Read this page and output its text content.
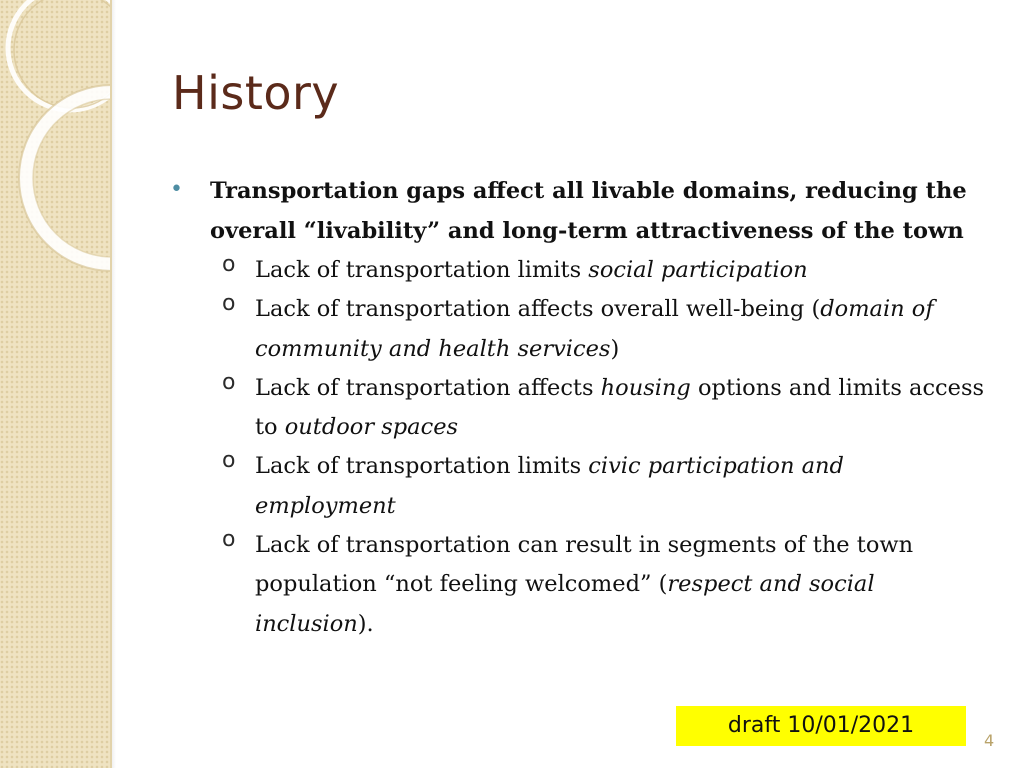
History
• Transportation gaps affect all livable domains, reducing the overall “livability” and long-term attractiveness of the town
o Lack of transportation limits social participation
o Lack of transportation affects overall well-being (domain of community and health services)
o Lack of transportation affects housing options and limits access to outdoor spaces
o Lack of transportation limits civic participation and employment
o Lack of transportation can result in segments of the town population “not feeling welcomed” (respect and social inclusion).
draft 10/01/2021
4
